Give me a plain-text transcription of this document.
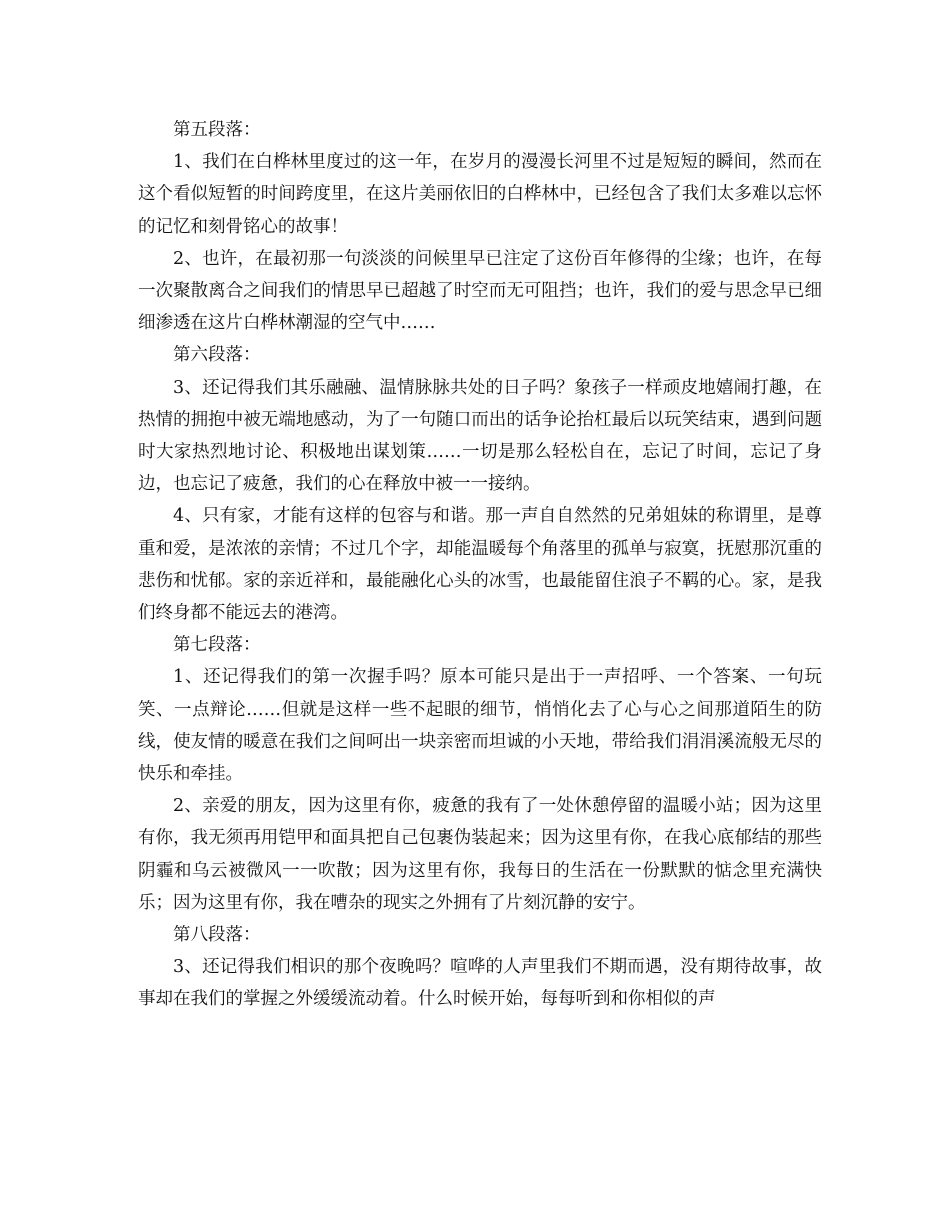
第五段落：

1、我们在白桦林里度过的这一年，在岁月的漫漫长河里不过是短短的瞬间，然而在这个看似短暂的时间跨度里，在这片美丽依旧的白桦林中，已经包含了我们太多难以忘怀的记忆和刻骨铭心的故事！

2、也许，在最初那一句淡淡的问候里早已注定了这份百年修得的尘缘；也许，在每一次聚散离合之间我们的情思早已超越了时空而无可阻挡；也许，我们的爱与思念早已细细渗透在这片白桦林潮湿的空气中……

第六段落：

3、还记得我们其乐融融、温情脉脉共处的日子吗？象孩子一样顽皮地嬉闹打趣，在热情的拥抱中被无端地感动，为了一句随口而出的话争论抬杠最后以玩笑结束，遇到问题时大家热烈地讨论、积极地出谋划策……一切是那么轻松自在，忘记了时间，忘记了身边，也忘记了疲惫，我们的心在释放中被一一接纳。

4、只有家，才能有这样的包容与和谐。那一声自自然然的兄弟姐妹的称谓里，是尊重和爱，是浓浓的亲情；不过几个字，却能温暖每个角落里的孤单与寂寞，抚慰那沉重的悲伤和忧郁。家的亲近祥和，最能融化心头的冰雪，也最能留住浪子不羁的心。家，是我们终身都不能远去的港湾。

第七段落：

1、还记得我们的第一次握手吗？原本可能只是出于一声招呼、一个答案、一句玩笑、一点辩论……但就是这样一些不起眼的细节，悄悄化去了心与心之间那道陌生的防线，使友情的暖意在我们之间呵出一块亲密而坦诚的小天地，带给我们涓涓溪流般无尽的快乐和牵挂。

2、亲爱的朋友，因为这里有你，疲惫的我有了一处休憩停留的温暖小站；因为这里有你，我无须再用铠甲和面具把自己包裹伪装起来；因为这里有你，在我心底郁结的那些阴霾和乌云被微风一一吹散；因为这里有你，我每日的生活在一份默默的惦念里充满快乐；因为这里有你，我在嘈杂的现实之外拥有了片刻沉静的安宁。

第八段落：

3、还记得我们相识的那个夜晚吗？喧哗的人声里我们不期而遇，没有期待故事，故事却在我们的掌握之外缓缓流动着。什么时候开始，每每听到和你相似的声
